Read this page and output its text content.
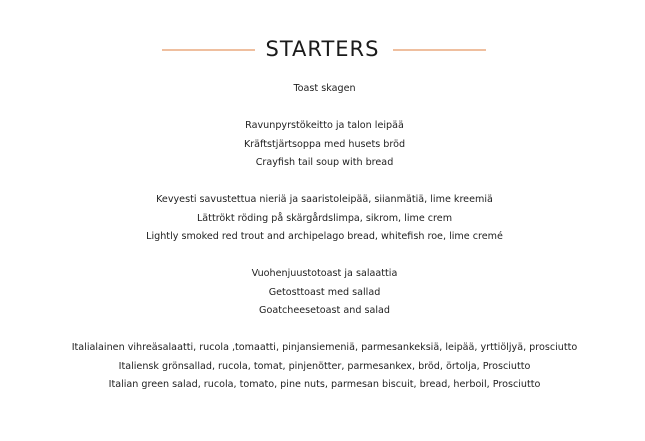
STARTERS
Toast skagen
Ravunpyrstökeitto ja talon leipää
Kräftstjärtsoppa med husets bröd
Crayfish tail soup with bread
Kevyesti savustettua nieriä ja saaristoleipää, siianmätiä, lime kreemiä
Lättrökt röding på skärgårdslimpa, sikrom, lime crem
Lightly smoked red trout and archipelago bread, whitefish roe, lime cremé
Vuohenjuustotoast ja salaattia
Getosttoast med sallad
Goatcheesetoast and salad
Italialainen vihreäsalaatti, rucola ,tomaatti, pinjansiemeniä, parmesankeksiä, leipää, yrttiöljyä, prosciutto
Italiensk grönsallad, rucola, tomat, pinjenötter, parmesankex, bröd, örtolja, Prosciutto
Italian green salad, rucola, tomato, pine nuts, parmesan biscuit, bread, herboil, Prosciutto
